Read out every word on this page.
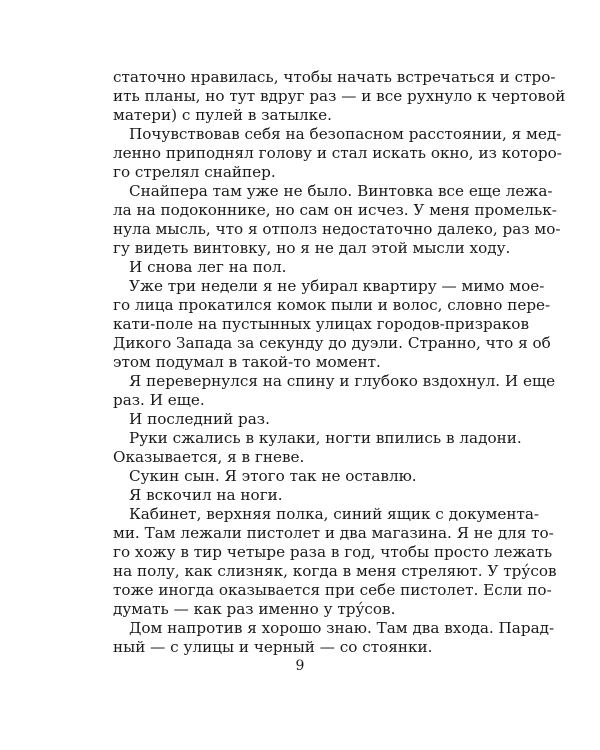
статочно нравилась, чтобы начать встречаться и стро-
ить планы, но тут вдруг раз — и все рухнуло к чертовой
матери) с пулей в затылке.
Почувствовав себя на безопасном расстоянии, я мед-
ленно приподнял голову и стал искать окно, из которо-
го стрелял снайпер.
Снайпера там уже не было. Винтовка все еще лежа-
ла на подоконнике, но сам он исчез. У меня промельк-
нула мысль, что я отполз недостаточно далеко, раз мо-
гу видеть винтовку, но я не дал этой мысли ходу.
И снова лег на пол.
Уже три недели я не убирал квартиру — мимо мое-
го лица прокатился комок пыли и волос, словно пере-
кати-поле на пустынных улицах городов-призраков
Дикого Запада за секунду до дуэли. Странно, что я об
этом подумал в такой-то момент.
Я перевернулся на спину и глубоко вздохнул. И еще
раз. И еще.
И последний раз.
Руки сжались в кулаки, ногти впились в ладони.
Оказывается, я в гневе.
Сукин сын. Я этого так не оставлю.
Я вскочил на ноги.
Кабинет, верхняя полка, синий ящик с документа-
ми. Там лежали пистолет и два магазина. Я не для то-
го хожу в тир четыре раза в год, чтобы просто лежать
на полу, как слизняк, когда в меня стреляют. У тру́сов
тоже иногда оказывается при себе пистолет. Если по-
думать — как раз именно у тру́сов.
Дом напротив я хорошо знаю. Там два входа. Парад-
ный — с улицы и черный — со стоянки.
9
